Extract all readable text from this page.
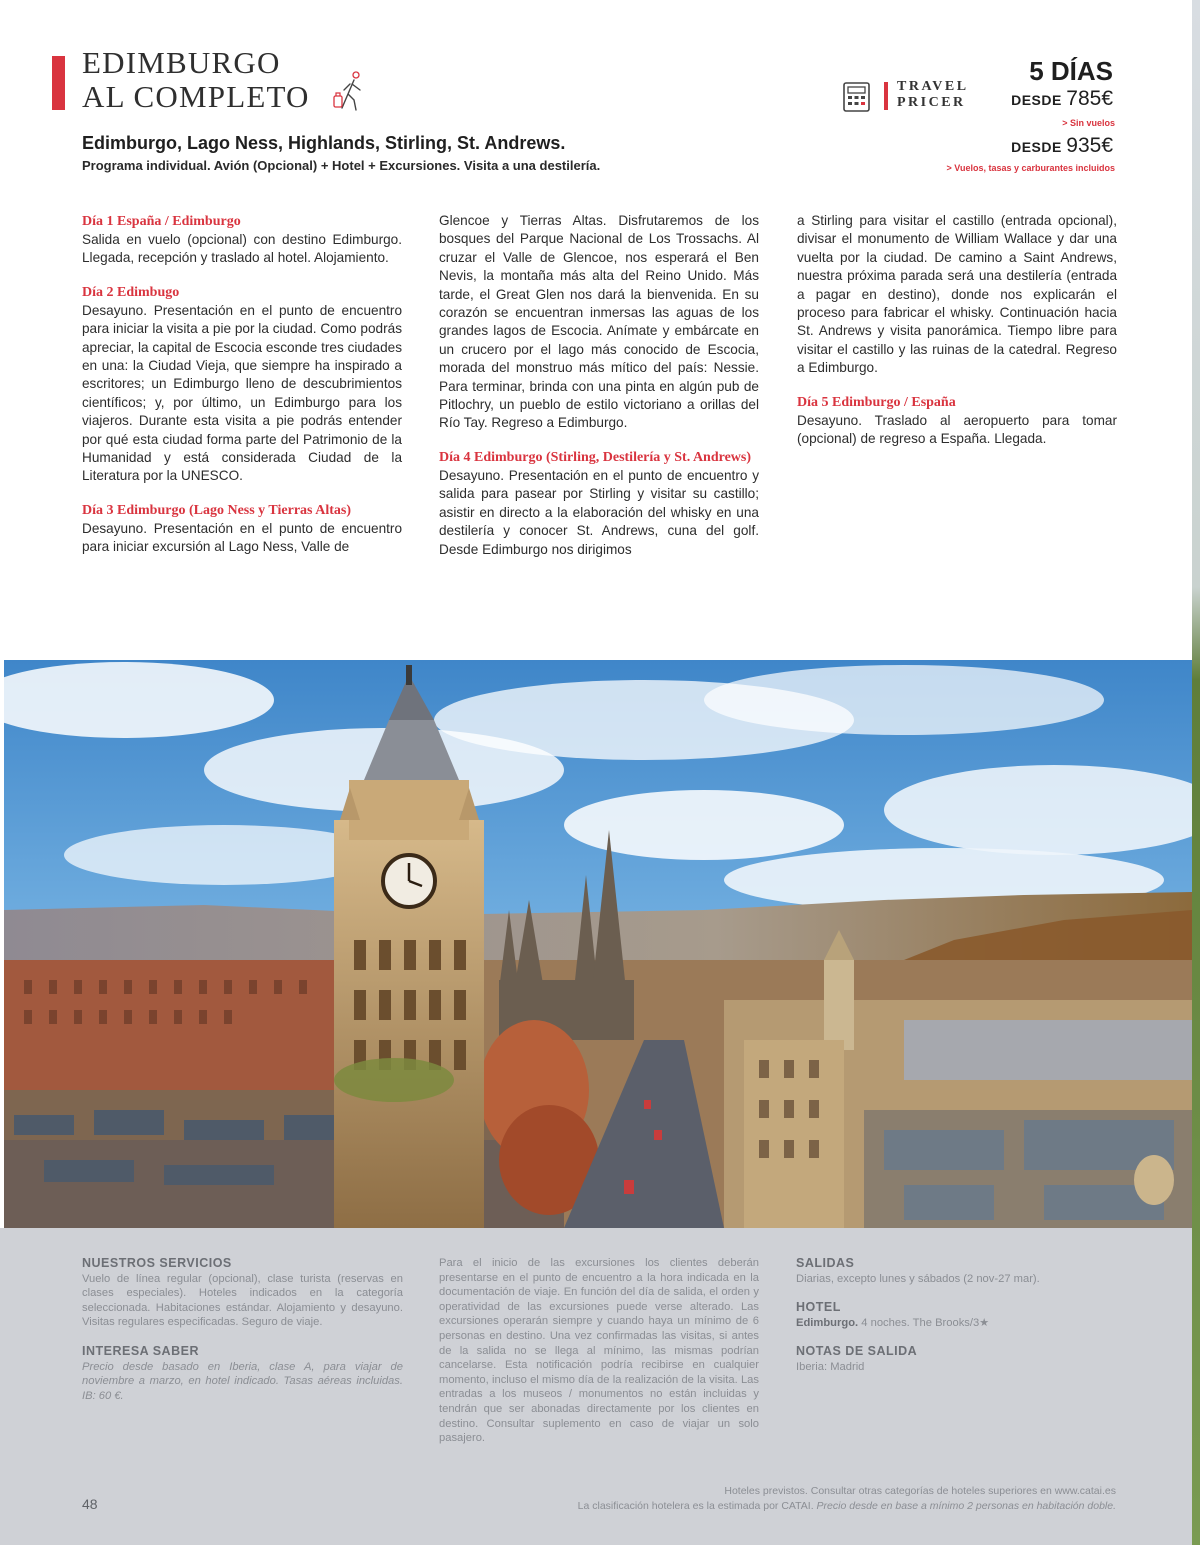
EDIMBURGO
AL COMPLETO
Edimburgo, Lago Ness, Highlands, Stirling, St. Andrews.
Programa individual. Avión (Opcional) + Hotel + Excursiones. Visita a una destilería.
TRAVEL
PRICER
5 DÍAS
DESDE 785€
> Sin vuelos
DESDE 935€
> Vuelos, tasas y carburantes incluidos

Día 1 España / Edimburgo
Salida en vuelo (opcional) con destino Edimburgo. Llegada, recepción y traslado al hotel. Alojamiento.

Día 2 Edimbugo
Desayuno. Presentación en el punto de encuentro para iniciar la visita a pie por la ciudad. Como podrás apreciar, la capital de Escocia esconde tres ciudades en una: la Ciudad Vieja, que siempre ha inspirado a escritores; un Edimburgo lleno de descubrimientos científicos; y, por último, un Edimburgo para los viajeros. Durante esta visita a pie podrás entender por qué esta ciudad forma parte del Patrimonio de la Humanidad y está considerada Ciudad de la Literatura por la UNESCO.

Día 3 Edimburgo (Lago Ness y Tierras Altas)
Desayuno. Presentación en el punto de encuentro para iniciar excursión al Lago Ness, Valle de

Glencoe y Tierras Altas. Disfrutaremos de los bosques del Parque Nacional de Los Trossachs. Al cruzar el Valle de Glencoe, nos esperará el Ben Nevis, la montaña más alta del Reino Unido. Más tarde, el Great Glen nos dará la bienvenida. En su corazón se encuentran inmersas las aguas de los grandes lagos de Escocia. Anímate y embárcate en un crucero por el lago más conocido de Escocia, morada del monstruo más mítico del país: Nessie. Para terminar, brinda con una pinta en algún pub de Pitlochry, un pueblo de estilo victoriano a orillas del Río Tay. Regreso a Edimburgo.

Día 4 Edimburgo (Stirling, Destilería y St. Andrews)
Desayuno. Presentación en el punto de encuentro y salida para pasear por Stirling y visitar su castillo; asistir en directo a la elaboración del whisky en una destilería y conocer St. Andrews, cuna del golf. Desde Edimburgo nos dirigimos

a Stirling para visitar el castillo (entrada opcional), divisar el monumento de William Wallace y dar una vuelta por la ciudad. De camino a Saint Andrews, nuestra próxima parada será una destilería (entrada a pagar en destino), donde nos explicarán el proceso para fabricar el whisky. Continuación hacia St. Andrews y visita panorámica. Tiempo libre para visitar el castillo y las ruinas de la catedral. Regreso a Edimburgo.

Día 5 Edimburgo / España
Desayuno. Traslado al aeropuerto para tomar (opcional) de regreso a España. Llegada.

NUESTROS SERVICIOS

Vuelo de línea regular (opcional), clase turista (reservas en clases especiales). Hoteles indicados en la categoría seleccionada. Habitaciones estándar. Alojamiento y desayuno. Visitas regulares especificadas. Seguro de viaje.

INTERESA SABER

Precio desde basado en Iberia, clase A, para viajar de noviembre a marzo, en hotel indicado. Tasas aéreas incluidas. IB: 60 €.

Para el inicio de las excursiones los clientes deberán presentarse en el punto de encuentro a la hora indicada en la documentación de viaje. En función del día de salida, el orden y operatividad de las excursiones puede verse alterado. Las excursiones operarán siempre y cuando haya un mínimo de 6 personas en destino. Una vez confirmadas las visitas, si antes de la salida no se llega al mínimo, las mismas podrían cancelarse. Esta notificación podría recibirse en cualquier momento, incluso el mismo día de la realización de la visita. Las entradas a los museos / monumentos no están incluidas y tendrán que ser abonadas directamente por los clientes en destino. Consultar suplemento en caso de viajar un solo pasajero.

SALIDAS

Diarias, excepto lunes y sábados (2 nov-27 mar).

HOTEL

Edimburgo. 4 noches. The Brooks/3★

NOTAS DE SALIDA

Iberia: Madrid

Hoteles previstos. Consultar otras categorías de hoteles superiores en www.catai.es
La clasificación hotelera es la estimada por CATAI. Precio desde en base a mínimo 2 personas en habitación doble.
48
